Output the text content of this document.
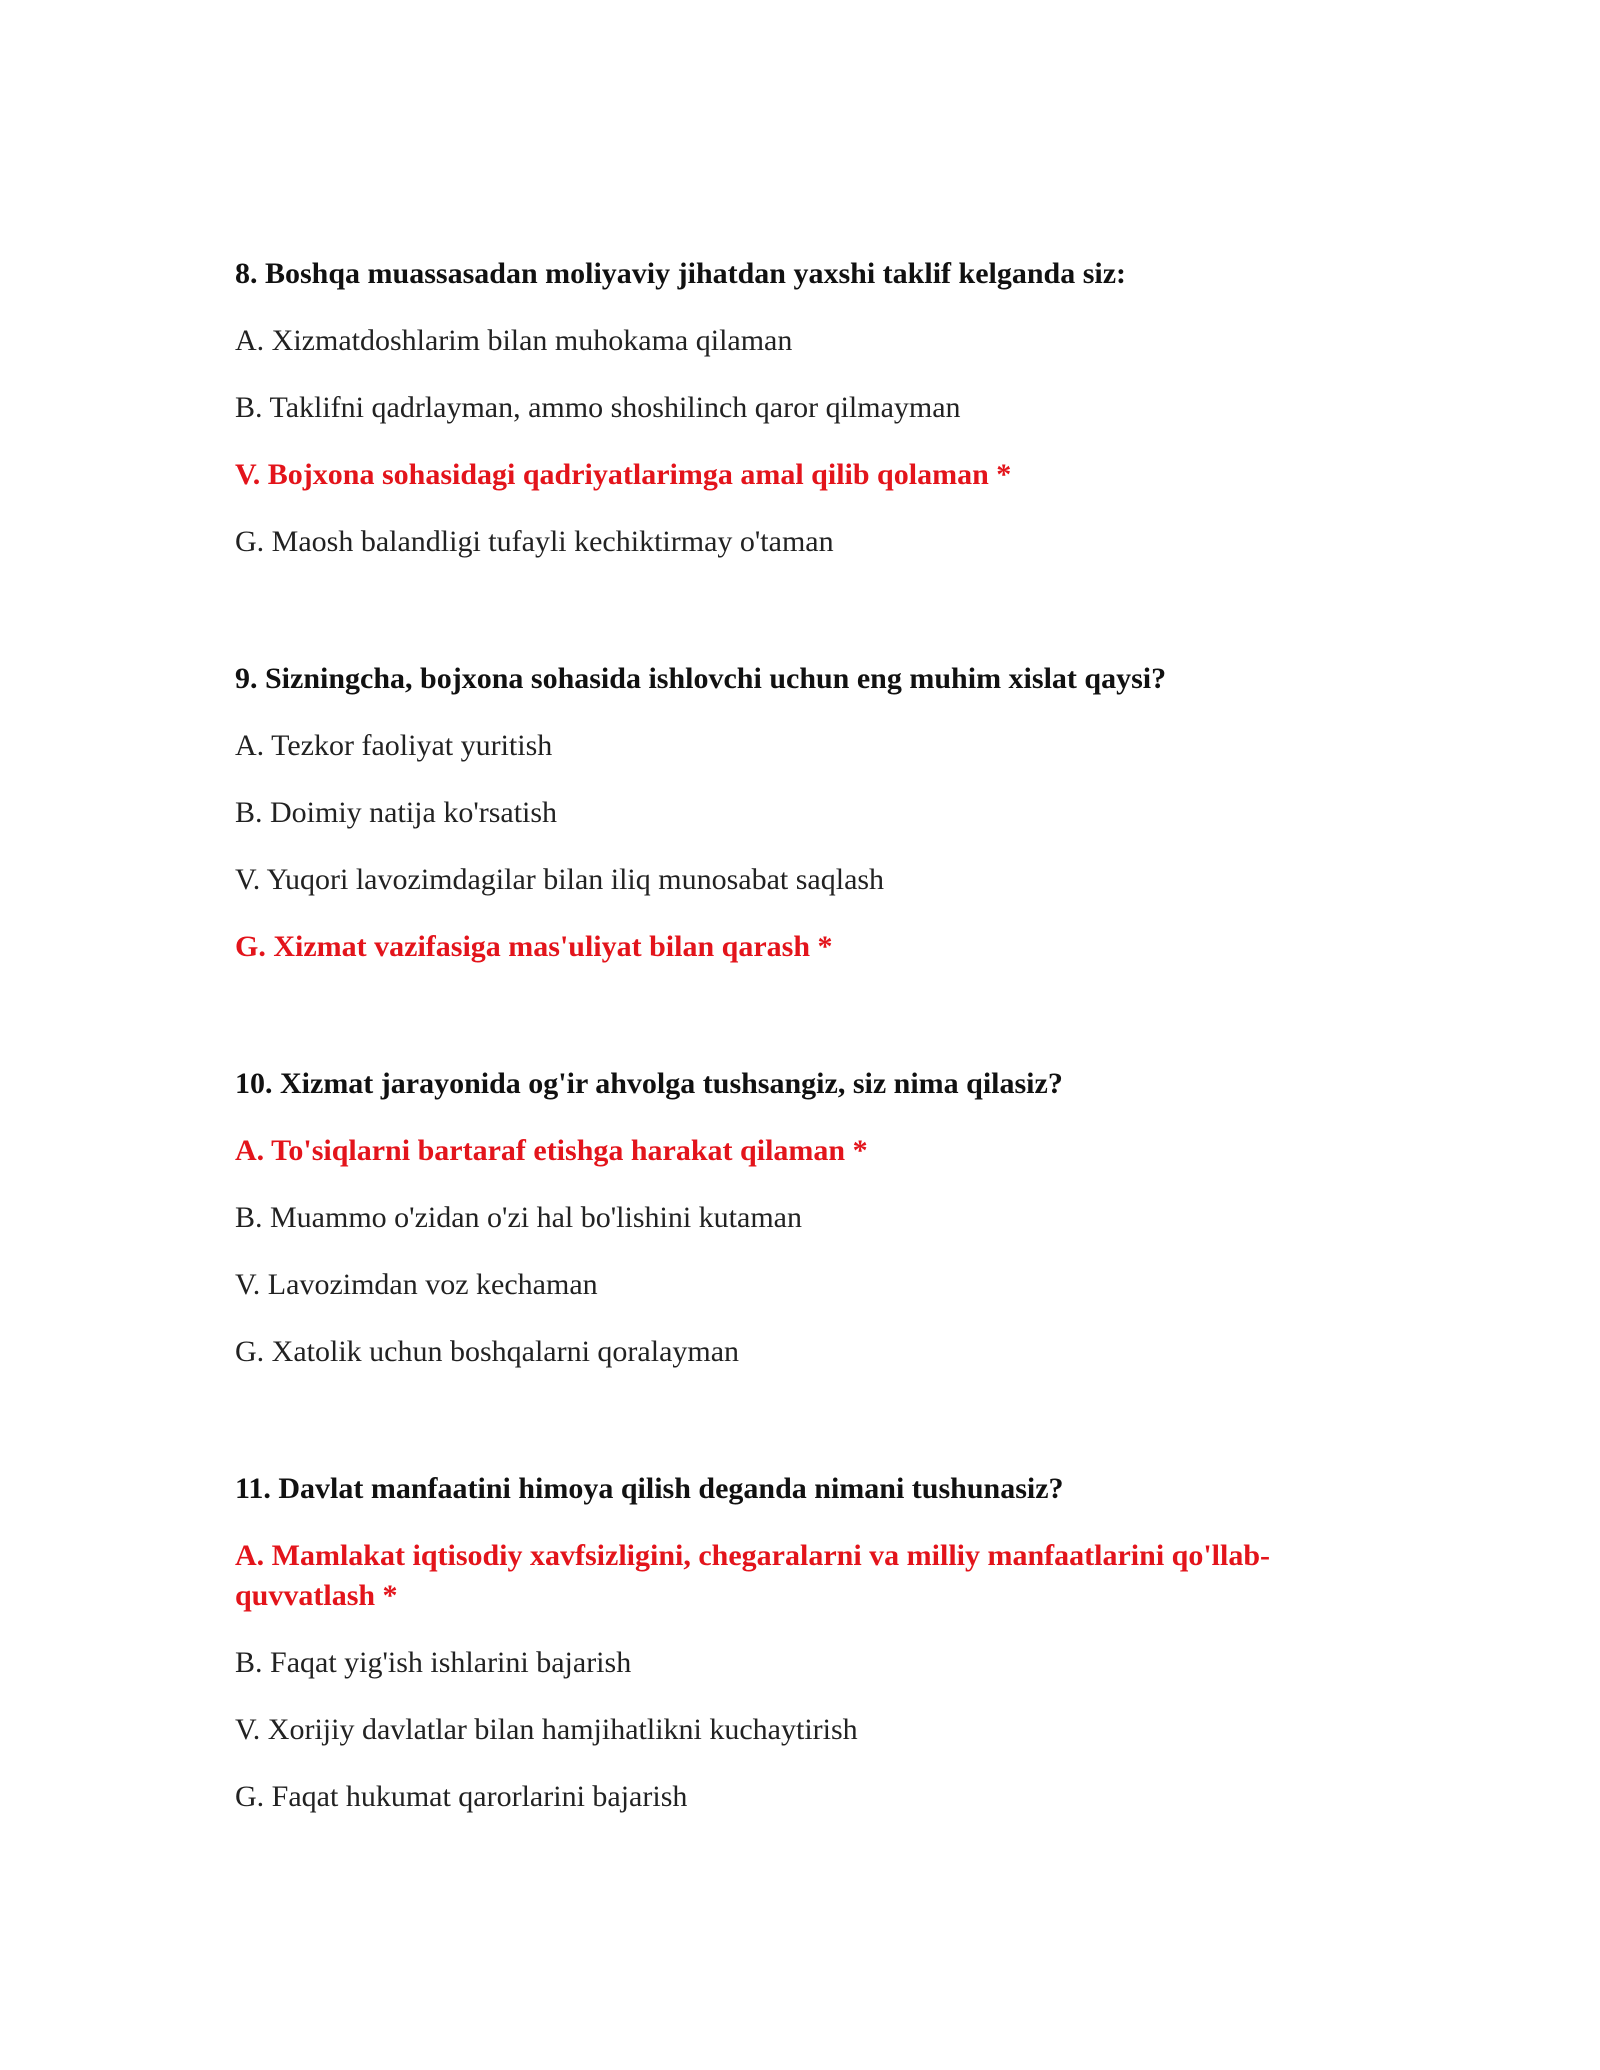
8. Boshqa muassasadan moliyaviy jihatdan yaxshi taklif kelganda siz:

A. Xizmatdoshlarim bilan muhokama qilaman

B. Taklifni qadrlayman, ammo shoshilinch qaror qilmayman

V. Bojxona sohasidagi qadriyatlarimga amal qilib qolaman *

G. Maosh balandligi tufayli kechiktirmay o'taman

9. Sizningcha, bojxona sohasida ishlovchi uchun eng muhim xislat qaysi?

A. Tezkor faoliyat yuritish

B. Doimiy natija ko'rsatish

V. Yuqori lavozimdagilar bilan iliq munosabat saqlash

G. Xizmat vazifasiga mas'uliyat bilan qarash *

10. Xizmat jarayonida og'ir ahvolga tushsangiz, siz nima qilasiz?

A. To'siqlarni bartaraf etishga harakat qilaman *

B. Muammo o'zidan o'zi hal bo'lishini kutaman

V. Lavozimdan voz kechaman

G. Xatolik uchun boshqalarni qoralayman

11. Davlat manfaatini himoya qilish deganda nimani tushunasiz?

A. Mamlakat iqtisodiy xavfsizligini, chegaralarni va milliy manfaatlarini qo'llab-quvvatlash *

B. Faqat yig'ish ishlarini bajarish

V. Xorijiy davlatlar bilan hamjihatlikni kuchaytirish

G. Faqat hukumat qarorlarini bajarish
